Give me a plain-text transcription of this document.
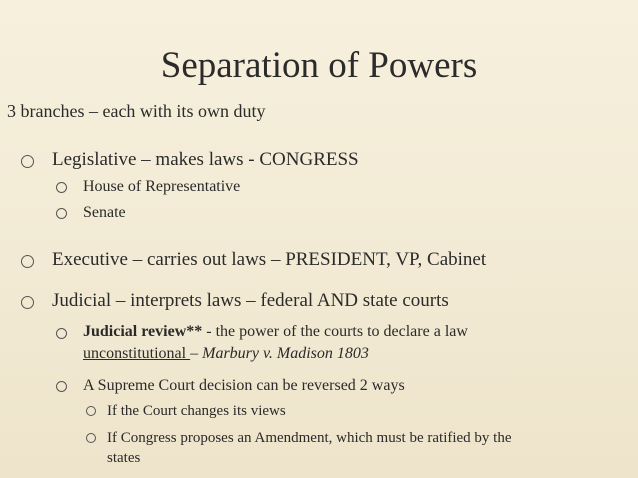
Separation of Powers
3 branches – each with its own duty
Legislative – makes laws - CONGRESS
House of Representative
Senate
Executive – carries out laws – PRESIDENT, VP, Cabinet
Judicial – interprets laws – federal AND state courts
Judicial review** - the power of the courts to declare a law
unconstitutional – Marbury v. Madison 1803
A Supreme Court decision can be reversed 2 ways
If the Court changes its views
If Congress proposes an Amendment, which must be ratified by the
states
